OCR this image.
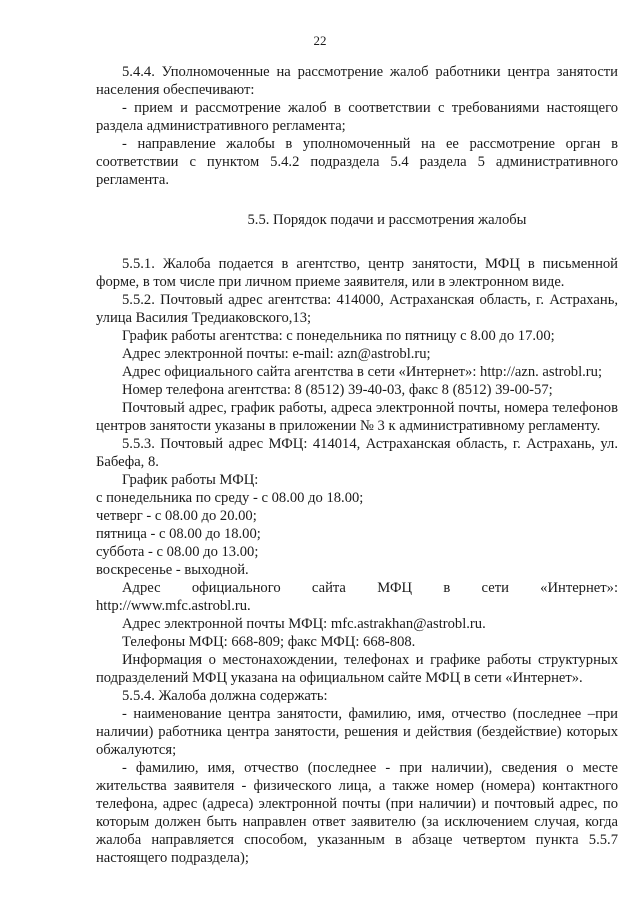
22

5.4.4. Уполномоченные на рассмотрение жалоб работники центра занятости населения обеспечивают:

- прием и рассмотрение жалоб в соответствии с требованиями настоящего раздела административного регламента;

- направление жалобы в уполномоченный на ее рассмотрение орган в соответствии с пунктом 5.4.2 подраздела 5.4 раздела 5 административного регламента.

5.5. Порядок подачи и рассмотрения жалобы

5.5.1. Жалоба подается в агентство, центр занятости, МФЦ в письменной форме, в том числе при личном приеме заявителя, или в электронном виде.

5.5.2. Почтовый адрес агентства: 414000, Астраханская область, г. Астрахань, улица Василия Тредиаковского,13;

График работы агентства: с понедельника по пятницу с 8.00 до 17.00;

Адрес электронной почты: e-mail: azn@astrobl.ru;

Адрес официального сайта агентства в сети «Интернет»: http://azn. astrobl.ru;

Номер телефона агентства: 8 (8512) 39-40-03, факс 8 (8512) 39-00-57;

Почтовый адрес, график работы, адреса электронной почты, номера телефонов центров занятости указаны в приложении № 3 к административному регламенту.

5.5.3. Почтовый адрес МФЦ: 414014, Астраханская область, г. Астрахань, ул. Бабефа, 8.

График работы МФЦ:

с понедельника по среду - с 08.00 до 18.00;

четверг - с 08.00 до 20.00;

пятница - с 08.00 до 18.00;

суббота - с 08.00 до 13.00;

воскресенье - выходной.

Адрес официального сайта МФЦ в сети «Интернет»:

http://www.mfc.astrobl.ru.

Адрес электронной почты МФЦ: mfc.astrakhan@astrobl.ru.

Телефоны МФЦ: 668-809; факс МФЦ: 668-808.

Информация о местонахождении, телефонах и графике работы структурных подразделений МФЦ указана на официальном сайте МФЦ в сети «Интернет».

5.5.4. Жалоба должна содержать:

- наименование центра занятости, фамилию, имя, отчество (последнее –при наличии) работника центра занятости, решения и действия (бездействие) которых обжалуются;

- фамилию, имя, отчество (последнее - при наличии), сведения о месте жительства заявителя - физического лица, а также номер (номера) контактного телефона, адрес (адреса) электронной почты (при наличии) и почтовый адрес, по которым должен быть направлен ответ заявителю (за исключением случая, когда жалоба направляется способом, указанным в абзаце четвертом пункта 5.5.7 настоящего подраздела);
